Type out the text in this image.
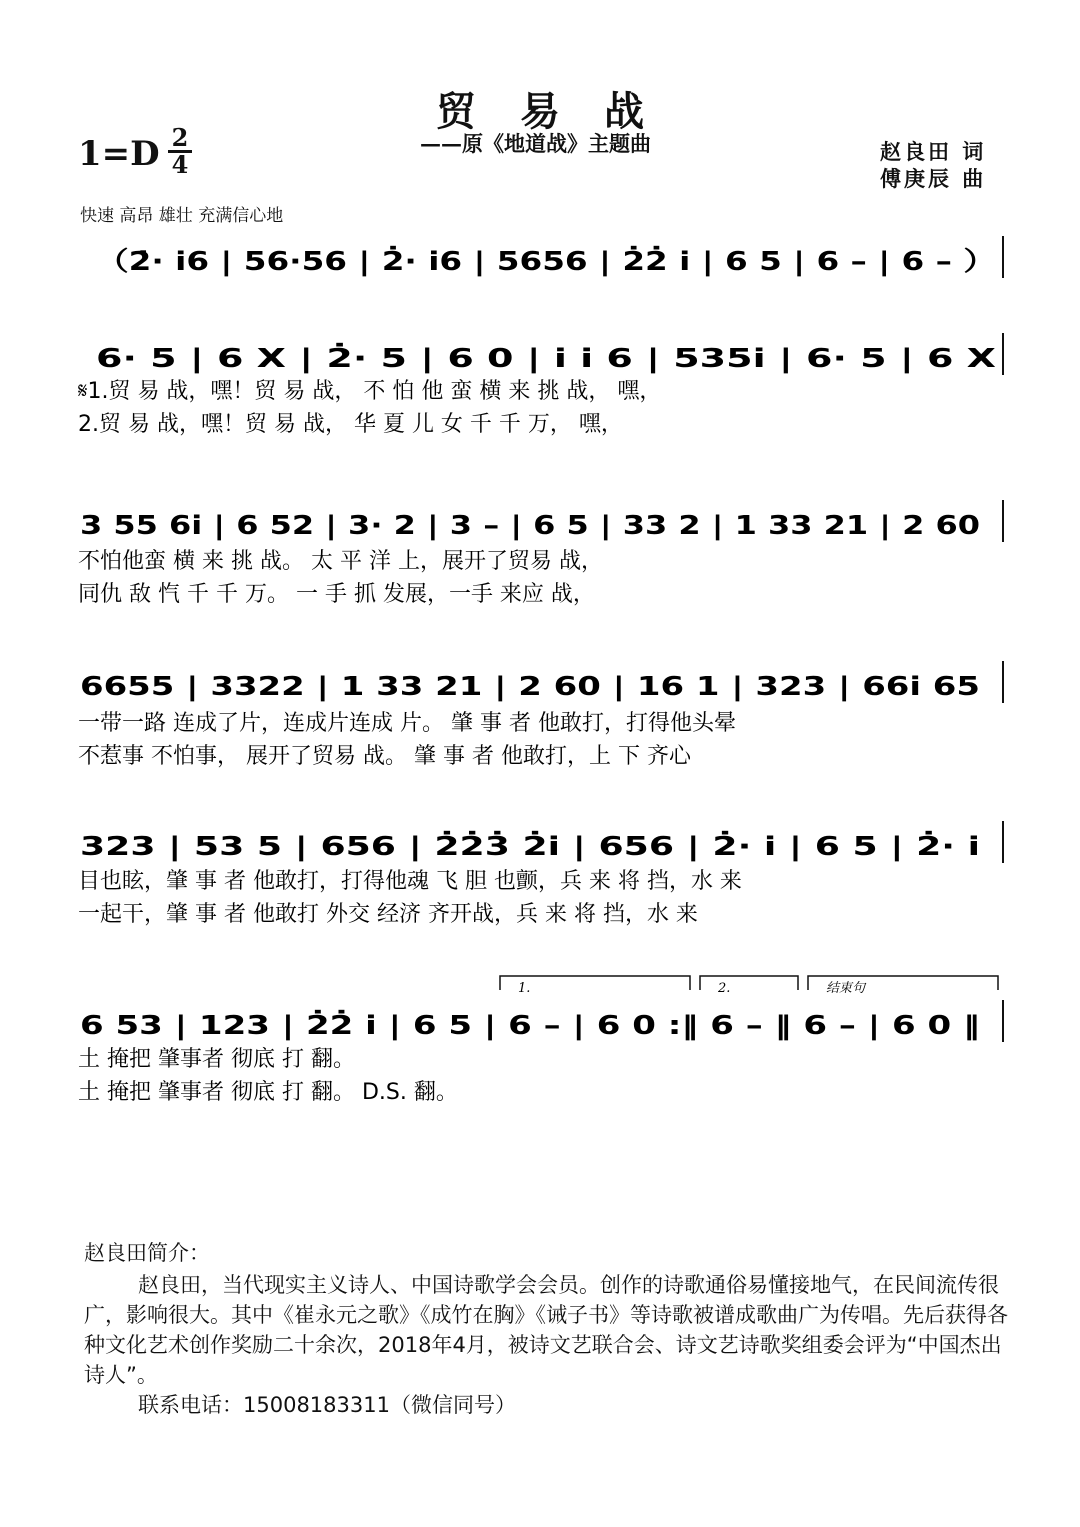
贸易战
——原《地道战》主题曲
1=D 2
4	赵良田 词
傅庚辰 曲
快速 高昂 雄壮 充满信心地
（2̇· i6 | 56·56 | 2̇· i6 | 5656 | 2̇2̇ i | 6 5 | 6 – | 6 – ）
6· 5 | 6 X | 2̇· 5 | 6 0 | i i 6 | 535i | 6· 5 | 6 X
𝄋1.贸 易 战，嘿！贸 易 战， 不 怕 他 蛮 横 来 挑 战， 嘿，
2.贸 易 战，嘿！贸 易 战， 华 夏 儿 女 千 千 万， 嘿，
3 55 6i | 6 52 | 3· 2 | 3 – | 6 5 | 33 2 | 1 33 21 | 2 60
不怕他蛮 横 来 挑 战。 太 平 洋 上，展开了贸易 战，
同仇 敌 忾 千 千 万。 一 手 抓 发展，一手 来应 战，
6655 | 3322 | 1 33 21 | 2 60 | 16 1 | 323 | 66i 65
一带一路 连成了片，连成片连成 片。 肇 事 者 他敢打，打得他头晕
不惹事 不怕事， 展开了贸易 战。 肇 事 者 他敢打，上 下 齐心
323 | 53 5 | 656 | 2̇2̇3̇ 2̇i | 656 | 2̇· i | 6 5 | 2̇· i
目也眩，肇 事 者 他敢打，打得他魂 飞 胆 也颤，兵 来 将 挡，水 来
一起干，肇 事 者 他敢打 外交 经济 齐开战，兵 来 将 挡，水 来
6 53 | 123 | 2̇2̇ i | 6 5 | 6 – | 6 0 :‖ 6 – ‖ 6 – | 6 0 ‖
土 掩把 肇事者 彻底 打 翻。
土 掩把 肇事者 彻底 打 翻。 D.S. 翻。
1.	2.	结束句

赵良田简介：

赵良田，当代现实主义诗人、中国诗歌学会会员。创作的诗歌通俗易懂接地气，在民间流传很广，影响很大。其中《崔永元之歌》《成竹在胸》《诫子书》等诗歌被谱成歌曲广为传唱。先后获得各种文化艺术创作奖励二十余次，2018年4月，被诗文艺联合会、诗文艺诗歌奖组委会评为“中国杰出诗人”。

联系电话：15008183311（微信同号）
